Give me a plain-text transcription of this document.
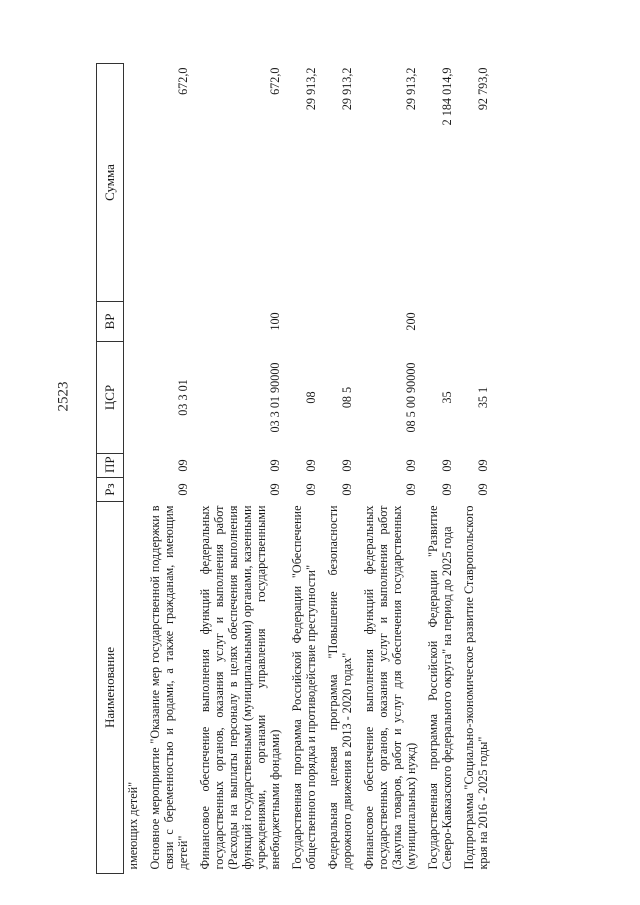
2523
Наименование	Рз	ПР	ЦСР	ВР	Сумма
имеющих детей"					
Основное мероприятие "Оказание мер государственной поддержки в связи с беременностью и родами, а также гражданам, имеющим детей"	09	09	03 3 01		672,0
Финансовое обеспечение выполнения функций федеральных государственных органов, оказания услуг и выполнения работ (Расходы на выплаты персоналу в целях обеспечения выполнения функций государственными (муниципальными) органами, казенными учреждениями, органами управления государственными внебюджетными фондами)	09	09	03 3 01 90000	100	672,0
Государственная программа Российской Федерации "Обеспечение общественного порядка и противодействие преступности"	09	09	08		29 913,2
Федеральная целевая программа "Повышение безопасности дорожного движения в 2013 - 2020 годах"	09	09	08 5		29 913,2
Финансовое обеспечение выполнения функций федеральных государственных органов, оказания услуг и выполнения работ (Закупка товаров, работ и услуг для обеспечения государственных (муниципальных) нужд)	09	09	08 5 00 90000	200	29 913,2
Государственная программа Российской Федерации "Развитие Северо-Кавказского федерального округа" на период до 2025 года	09	09	35		2 184 014,9
Подпрограмма "Социально-экономическое развитие Ставропольского края на 2016 - 2025 годы"	09	09	35 1		92 793,0
